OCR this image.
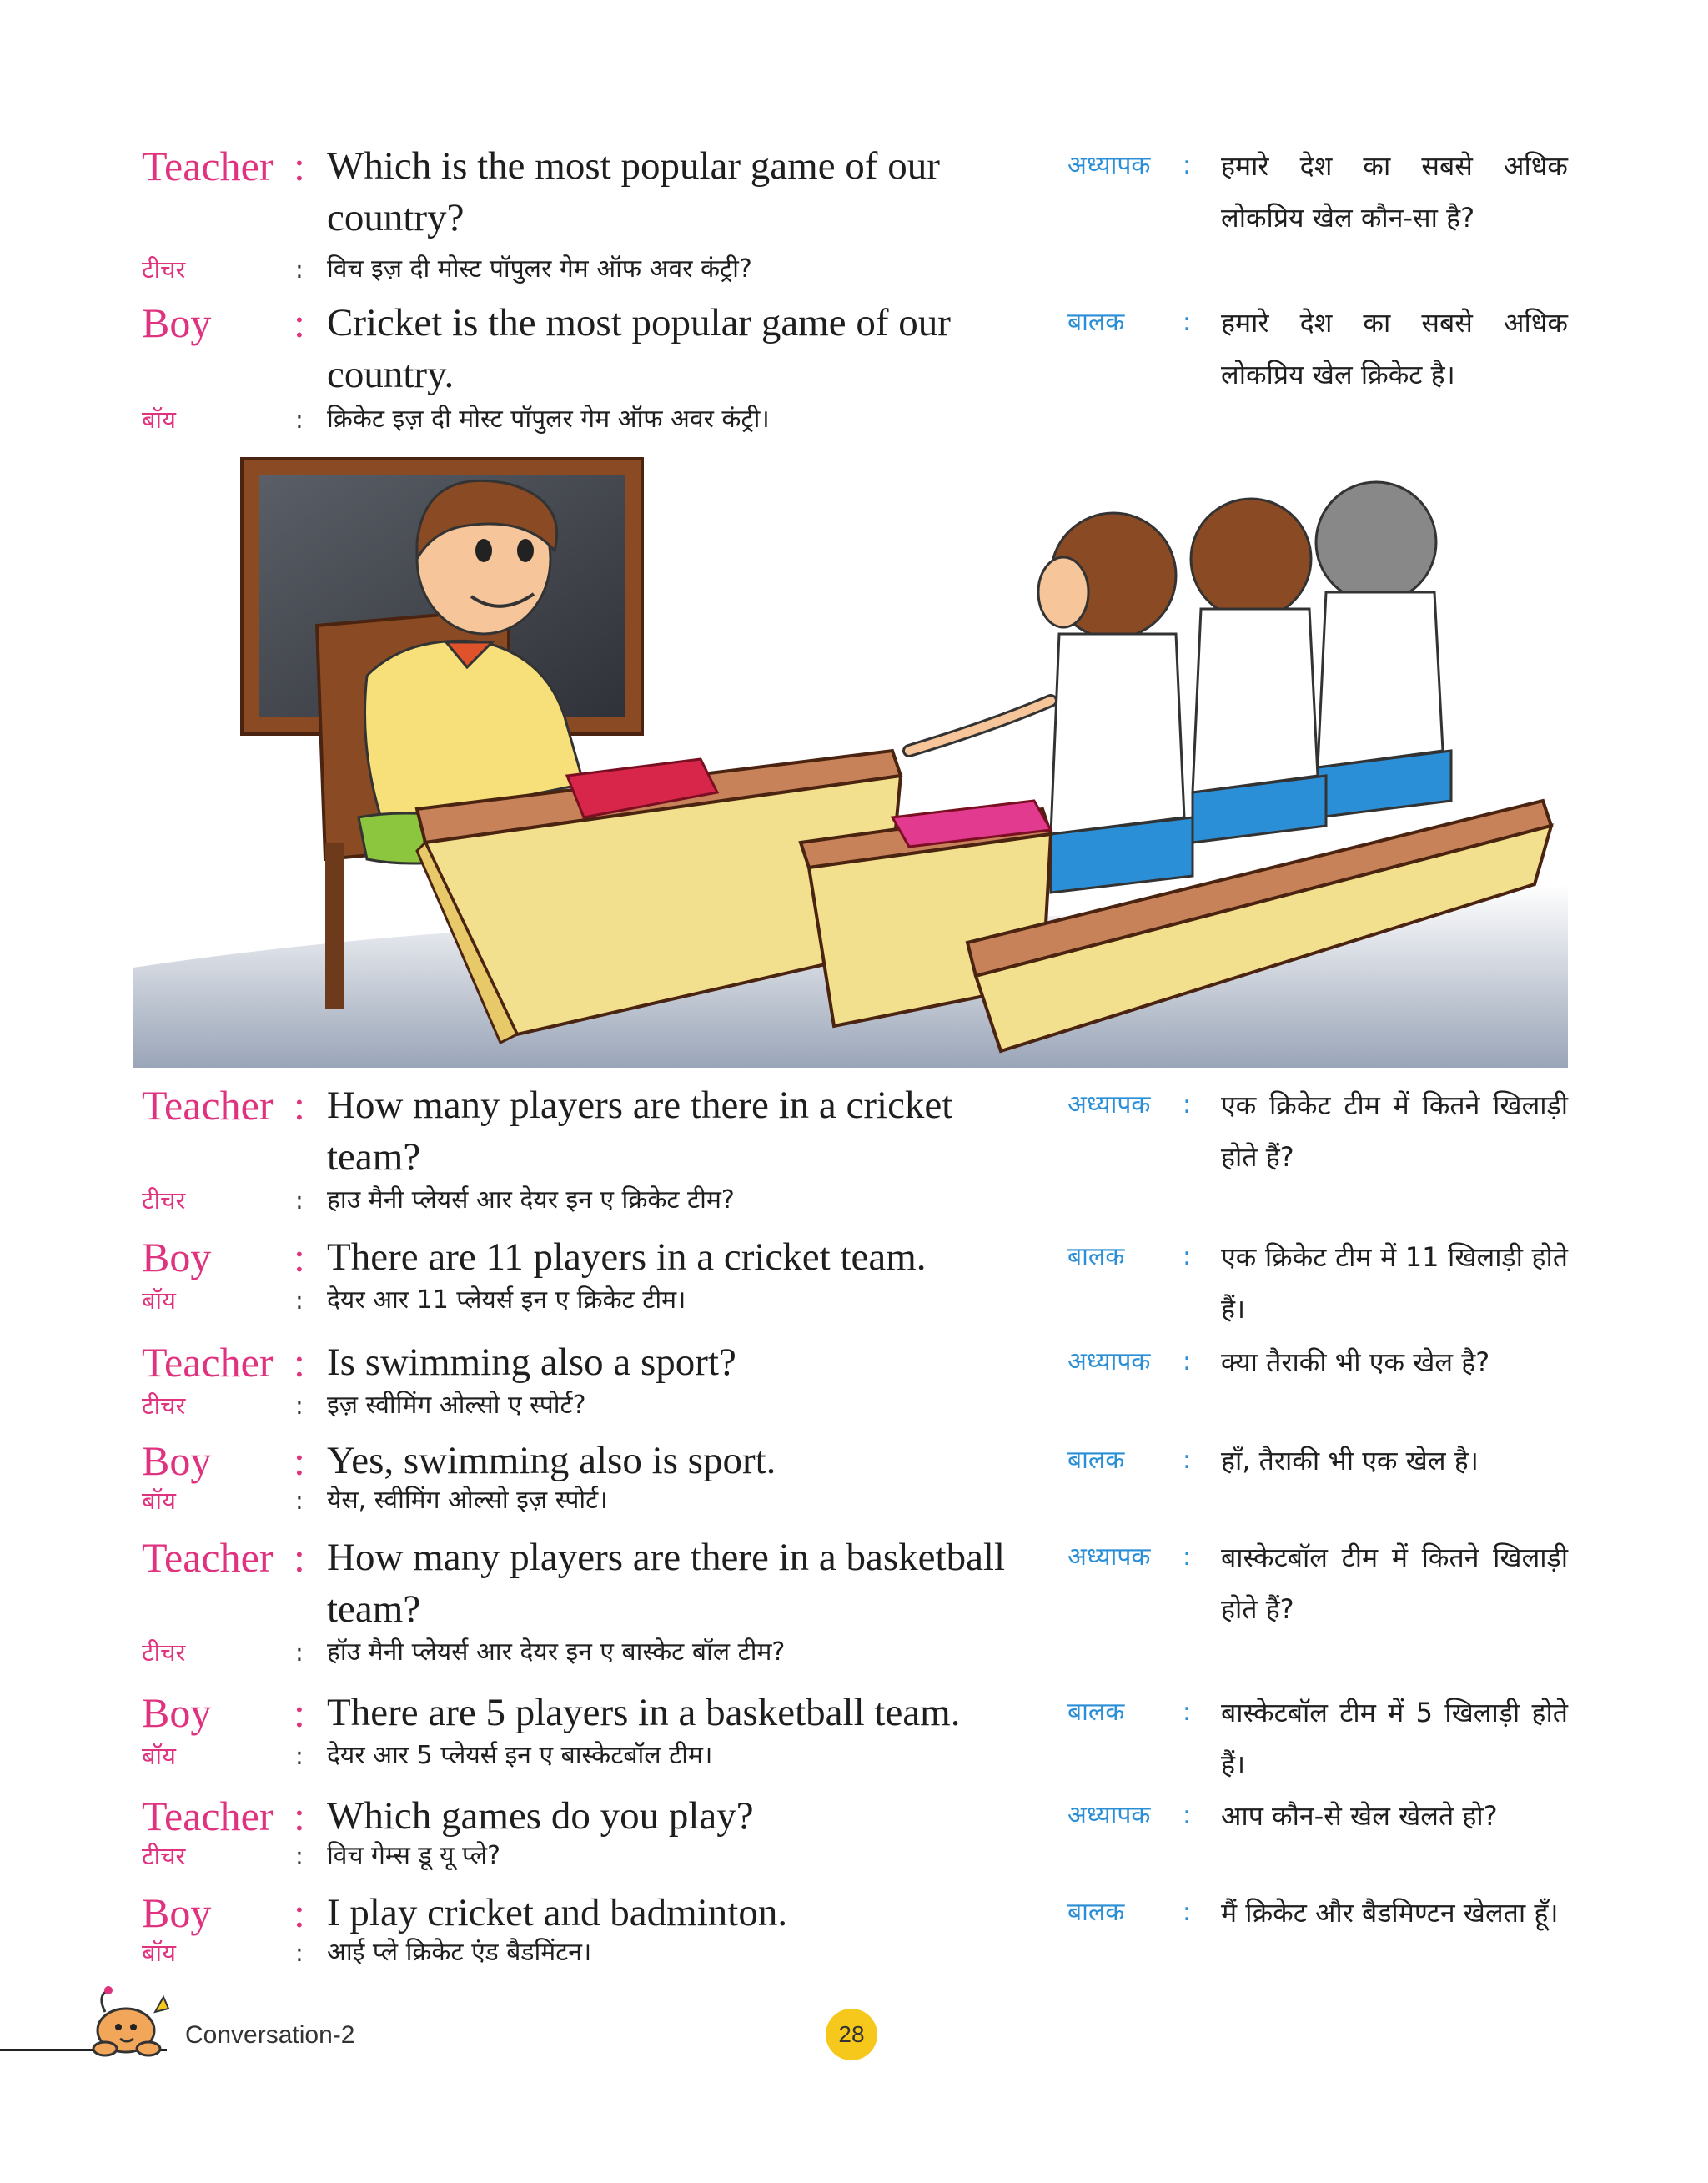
Teacher : Which is the most popular game of our country?
टीचर	: विच इज़ दी मोस्ट पॉपुलर गेम ऑफ अवर कंट्री?
अध्यापक : हमारे देश का सबसे अधिक लोकप्रिय खेल कौन-सा है?
Boy : Cricket is the most popular game of our country.
बॉय	: क्रिकेट इज़ दी मोस्ट पॉपुलर गेम ऑफ अवर कंट्री।
बालक : हमारे देश का सबसे अधिक लोकप्रिय खेल क्रिकेट है।
Teacher : How many players are there in a cricket team?
टीचर	: हाउ मैनी प्लेयर्स आर देयर इन ए क्रिकेट टीम?
अध्यापक : एक क्रिकेट टीम में कितने खिलाड़ी होते हैं?
Boy : There are 11 players in a cricket team.
बॉय	: देयर आर 11 प्लेयर्स इन ए क्रिकेट टीम।
बालक : एक क्रिकेट टीम में 11 खिलाड़ी होते हैं।
Teacher : Is swimming also a sport?
टीचर	: इज़ स्वीमिंग ओल्सो ए स्पोर्ट?
अध्यापक : क्या तैराकी भी एक खेल है?
Boy : Yes, swimming also is sport.
बॉय	: येस, स्वीमिंग ओल्सो इज़ स्पोर्ट।
बालक : हाँ, तैराकी भी एक खेल है।
Teacher : How many players are there in a basketball team?
टीचर	: हॉउ मैनी प्लेयर्स आर देयर इन ए बास्केट बॉल टीम?
अध्यापक : बास्केटबॉल टीम में कितने खिलाड़ी होते हैं?
Boy : There are 5 players in a basketball team.
बॉय	: देयर आर 5 प्लेयर्स इन ए बास्केटबॉल टीम।
बालक : बास्केटबॉल टीम में 5 खिलाड़ी होते हैं।
Teacher : Which games do you play?
टीचर	: विच गेम्स डू यू प्ले?
अध्यापक : आप कौन-से खेल खेलते हो?
Boy : I play cricket and badminton.
बॉय	: आई प्ले क्रिकेट एंड बैडमिंटन।
बालक : मैं क्रिकेट और बैडमिण्टन खेलता हूँ।
Conversation-2	28
